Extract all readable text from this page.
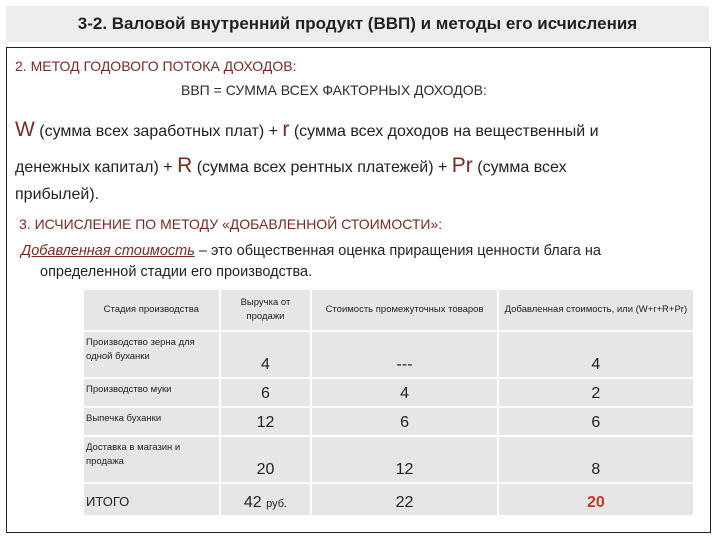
3-2. Валовой внутренний продукт (ВВП) и методы его исчисления
2. МЕТОД ГОДОВОГО ПОТОКА ДОХОДОВ:
ВВП = СУММА ВСЕХ ФАКТОРНЫХ ДОХОДОВ:
W (сумма всех заработных плат) + r (сумма всех доходов на вещественный и
денежных капитал) + R (сумма всех рентных платежей) + Pr (сумма всех
прибылей).
3. ИСЧИСЛЕНИЕ ПО МЕТОДУ «ДОБАВЛЕННОЙ СТОИМОСТИ»:
Добавленная стоимость – это общественная оценка приращения ценности блага на
определенной стадии его производства.
Стадия производства	Выручка от продажи	Стоимость промежуточных товаров	Добавленная стоимость, или (W+r+R+Pr)
Производство зерна для одной буханки	4	---	4
Производство муки	6	4	2
Выпечка буханки	12	6	6
Доставка в магазин и продажа	20	12	8
ИТОГО	42 руб.	22	20
